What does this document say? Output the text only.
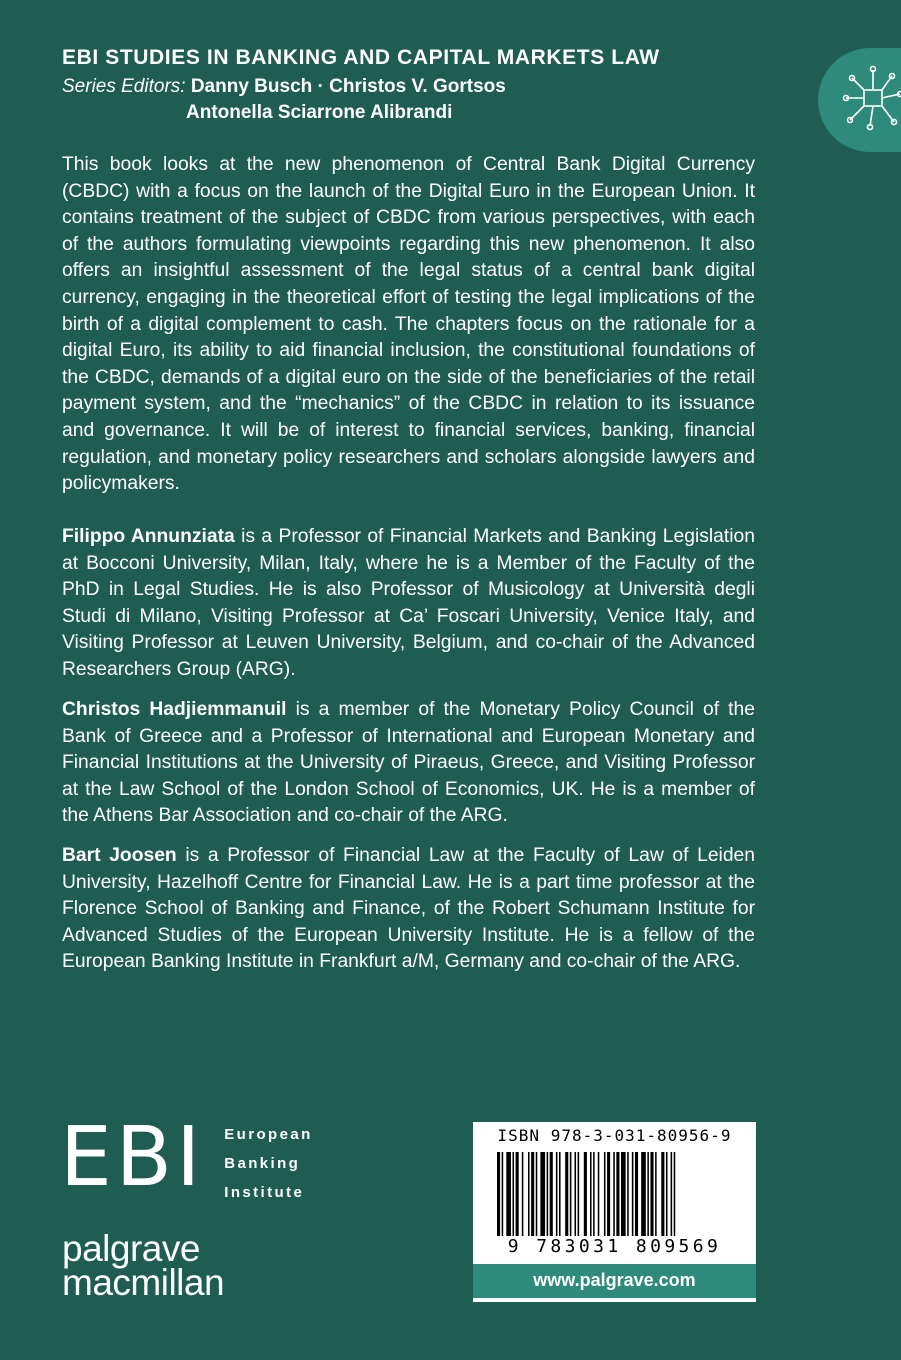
EBI STUDIES IN BANKING AND CAPITAL MARKETS LAW
Series Editors: Danny Busch · Christos V. Gortsos
Antonella Sciarrone Alibrandi

This book looks at the new phenomenon of Central Bank Digital Currency (CBDC) with a focus on the launch of the Digital Euro in the European Union. It contains treatment of the subject of CBDC from various perspectives, with each of the authors formulating viewpoints regarding this new phenomenon. It also offers an insightful assessment of the legal status of a central bank digital currency, engaging in the theoretical effort of testing the legal implications of the birth of a digital complement to cash. The chapters focus on the rationale for a digital Euro, its ability to aid financial inclusion, the constitutional foundations of the CBDC, demands of a digital euro on the side of the beneficiaries of the retail payment system, and the “mechanics” of the CBDC in relation to its issuance and governance. It will be of interest to financial services, banking, financial regulation, and monetary policy researchers and scholars alongside lawyers and policymakers.

Filippo Annunziata is a Professor of Financial Markets and Banking Legislation at Bocconi University, Milan, Italy, where he is a Member of the Faculty of the PhD in Legal Studies. He is also Professor of Musicology at Università degli Studi di Milano, Visiting Professor at Ca’ Foscari University, Venice Italy, and Visiting Professor at Leuven University, Belgium, and co-chair of the Advanced Researchers Group (ARG).

Christos Hadjiemmanuil is a member of the Monetary Policy Council of the Bank of Greece and a Professor of International and European Monetary and Financial Institutions at the University of Piraeus, Greece, and Visiting Professor at the Law School of the London School of Economics, UK. He is a member of the Athens Bar Association and co-chair of the ARG.

Bart Joosen is a Professor of Financial Law at the Faculty of Law of Leiden University, Hazelhoff Centre for Financial Law. He is a part time professor at the Florence School of Banking and Finance, of the Robert Schumann Institute for Advanced Studies of the European University Institute. He is a fellow of the European Banking Institute in Frankfurt a/M, Germany and co-chair of the ARG.

EBI European
Banking
Institute
palgrave
macmillan
ISBN 978-3-031-80956-9
9 783031 809569
www.palgrave.com
